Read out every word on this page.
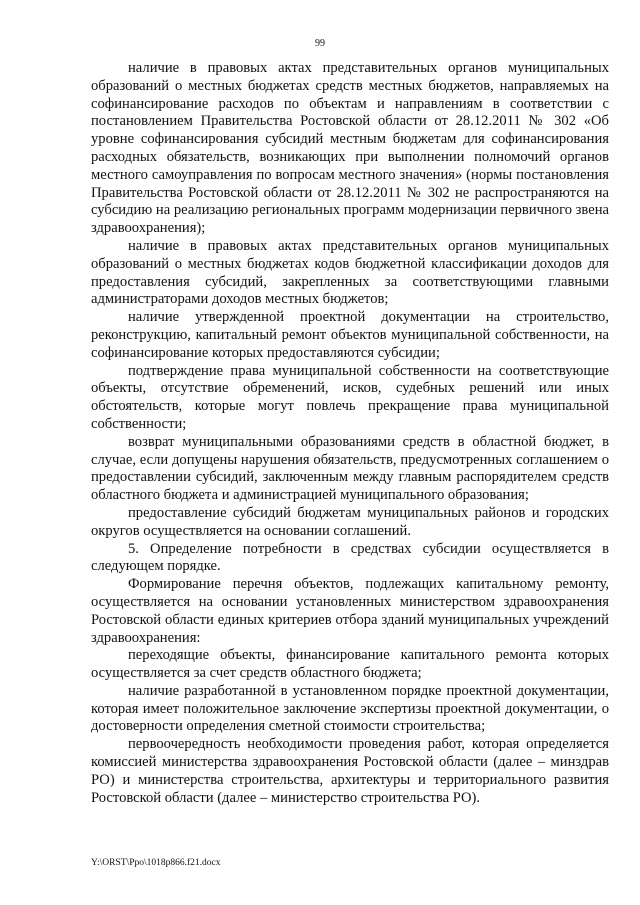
99

наличие в правовых актах представительных органов муниципальных образований о местных бюджетах средств местных бюджетов, направляемых на софинансирование расходов по объектам и направлениям в соответствии с постановлением Правительства Ростовской области от 28.12.2011 № 302 «Об уровне софинансирования субсидий местным бюджетам для софинансирования расходных обязательств, возникающих при выполнении полномочий органов местного самоуправления по вопросам местного значения» (нормы постановления Правительства Ростовской области от 28.12.2011 № 302 не распространяются на субсидию на реализацию региональных программ модернизации первичного звена здравоохранения);

наличие в правовых актах представительных органов муниципальных образований о местных бюджетах кодов бюджетной классификации доходов для предоставления субсидий, закрепленных за соответствующими главными администраторами доходов местных бюджетов;

наличие утвержденной проектной документации на строительство, реконструкцию, капитальный ремонт объектов муниципальной собственности, на софинансирование которых предоставляются субсидии;

подтверждение права муниципальной собственности на соответствующие объекты, отсутствие обременений, исков, судебных решений или иных обстоятельств, которые могут повлечь прекращение права муниципальной собственности;

возврат муниципальными образованиями средств в областной бюджет, в случае, если допущены нарушения обязательств, предусмотренных соглашением о предоставлении субсидий, заключенным между главным распорядителем средств областного бюджета и администрацией муниципального образования;

предоставление субсидий бюджетам муниципальных районов и городских округов осуществляется на основании соглашений.

5. Определение потребности в средствах субсидии осуществляется в следующем порядке.

Формирование перечня объектов, подлежащих капитальному ремонту, осуществляется на основании установленных министерством здравоохранения Ростовской области единых критериев отбора зданий муниципальных учреждений здравоохранения:

переходящие объекты, финансирование капитального ремонта которых осуществляется за счет средств областного бюджета;

наличие разработанной в установленном порядке проектной документации, которая имеет положительное заключение экспертизы проектной документации, о достоверности определения сметной стоимости строительства;

первоочередность необходимости проведения работ, которая определяется комиссией министерства здравоохранения Ростовской области (далее – минздрав РО) и министерства строительства, архитектуры и территориального развития Ростовской области (далее – министерство строительства РО).

Y:\ORST\Ppo\1018p866.f21.docx
